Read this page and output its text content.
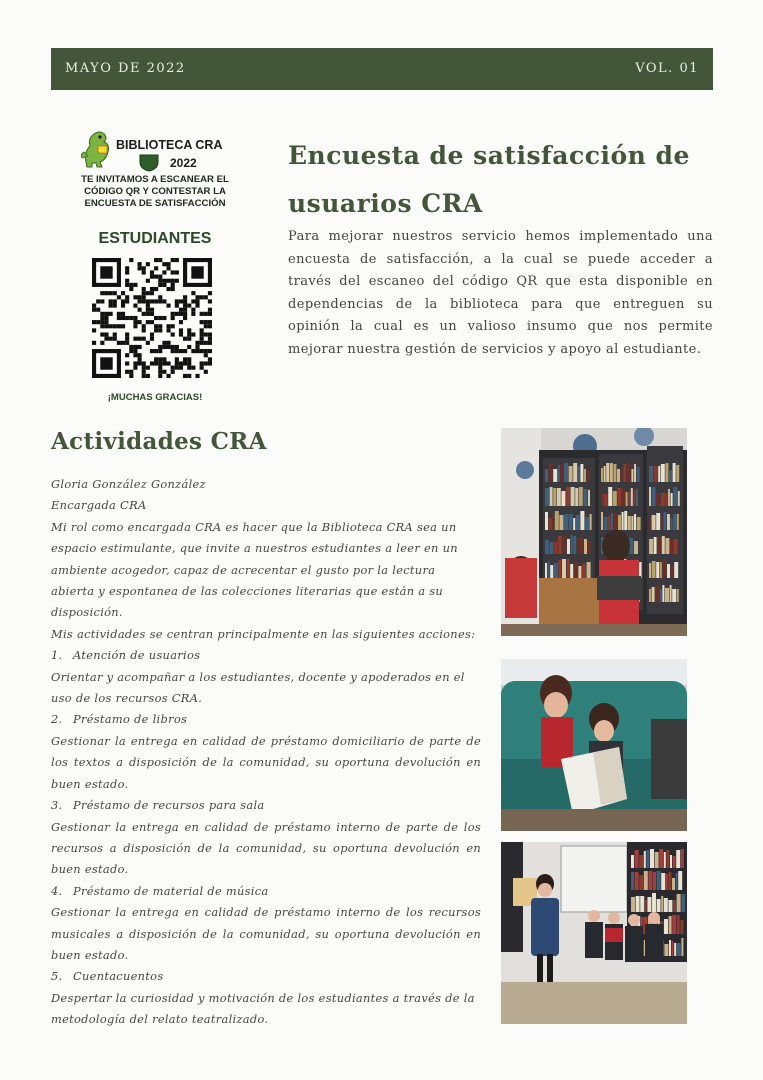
MAYO DE 2022	VOL. 01
BIBLIOTECA CRA
2022
TE INVITAMOS A ESCANEAR EL
CÓDIGO QR Y CONTESTAR LA
ENCUESTA DE SATISFACCIÓN
ESTUDIANTES
¡MUCHAS GRACIAS!
Encuesta de satisfacción de
usuarios CRA

Para mejorar nuestros servicio hemos implementado una encuesta de satisfacción, a la cual se puede acceder a través del escaneo del código QR que esta disponible en dependencias de la biblioteca para que entreguen su opinión la cual es un valioso insumo que nos permite mejorar nuestra gestión de servicios y apoyo al estudiante.

Actividades CRA

Gloria González González

Encargada CRA

Mi rol como encargada CRA es hacer que la Biblioteca CRA sea un espacio estimulante, que invite a nuestros estudiantes a leer en un ambiente acogedor, capaz de acrecentar el gusto por la lectura abierta y espontanea de las colecciones literarias que están a su disposición.

Mis actividades se centran principalmente en las siguientes acciones:

1. Atención de usuarios

Orientar y acompañar a los estudiantes, docente y apoderados en el uso de los recursos CRA.

2. Préstamo de libros

Gestionar la entrega en calidad de préstamo domiciliario de parte de los textos a disposición de la comunidad, su oportuna devolución en buen estado.

3. Préstamo de recursos para sala

Gestionar la entrega en calidad de préstamo interno de parte de los recursos a disposición de la comunidad, su oportuna devolución en buen estado.

4. Préstamo de material de música

Gestionar la entrega en calidad de préstamo interno de los recursos musicales a disposición de la comunidad, su oportuna devolución en buen estado.

5. Cuentacuentos

Despertar la curiosidad y motivación de los estudiantes a través de la metodología del relato teatralizado.
